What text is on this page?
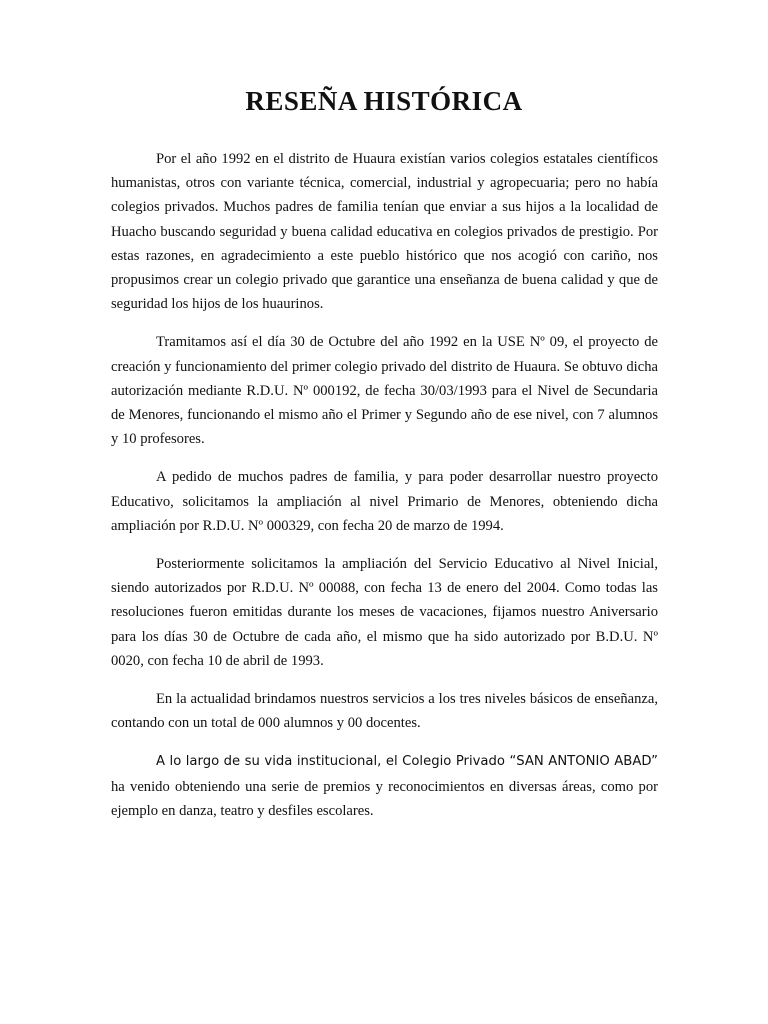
RESEÑA HISTÓRICA

Por el año 1992 en el distrito de Huaura existían varios colegios estatales científicos humanistas, otros con variante técnica, comercial, industrial y agropecuaria; pero no había colegios privados. Muchos padres de familia tenían que enviar a sus hijos a la localidad de Huacho buscando seguridad y buena calidad educativa en colegios privados de prestigio. Por estas razones, en agradecimiento a este pueblo histórico que nos acogió con cariño, nos propusimos crear un colegio privado que garantice una enseñanza de buena calidad y que de seguridad los hijos de los huaurinos.

Tramitamos así el día 30 de Octubre del año 1992 en la USE Nº 09, el proyecto de creación y funcionamiento del primer colegio privado del distrito de Huaura. Se obtuvo dicha autorización mediante R.D.U. Nº 000192, de fecha 30/03/1993 para el Nivel de Secundaria de Menores, funcionando el mismo año el Primer y Segundo año de ese nivel, con 7 alumnos y 10 profesores.

A pedido de muchos padres de familia, y para poder desarrollar nuestro proyecto Educativo, solicitamos la ampliación al nivel Primario de Menores, obteniendo dicha ampliación por R.D.U. Nº 000329, con fecha 20 de marzo de 1994.

Posteriormente solicitamos la ampliación del Servicio Educativo al Nivel Inicial, siendo autorizados por R.D.U. Nº 00088, con fecha 13 de enero del 2004. Como todas las resoluciones fueron emitidas durante los meses de vacaciones, fijamos nuestro Aniversario para los días 30 de Octubre de cada año, el mismo que ha sido autorizado por B.D.U. Nº 0020, con fecha 10 de abril de 1993.

En la actualidad brindamos nuestros servicios a los tres niveles básicos de enseñanza, contando con un total de 000 alumnos y 00 docentes.

A lo largo de su vida institucional, el Colegio Privado “SAN ANTONIO ABAD” ha venido obteniendo una serie de premios y reconocimientos en diversas áreas, como por ejemplo en danza, teatro y desfiles escolares.
